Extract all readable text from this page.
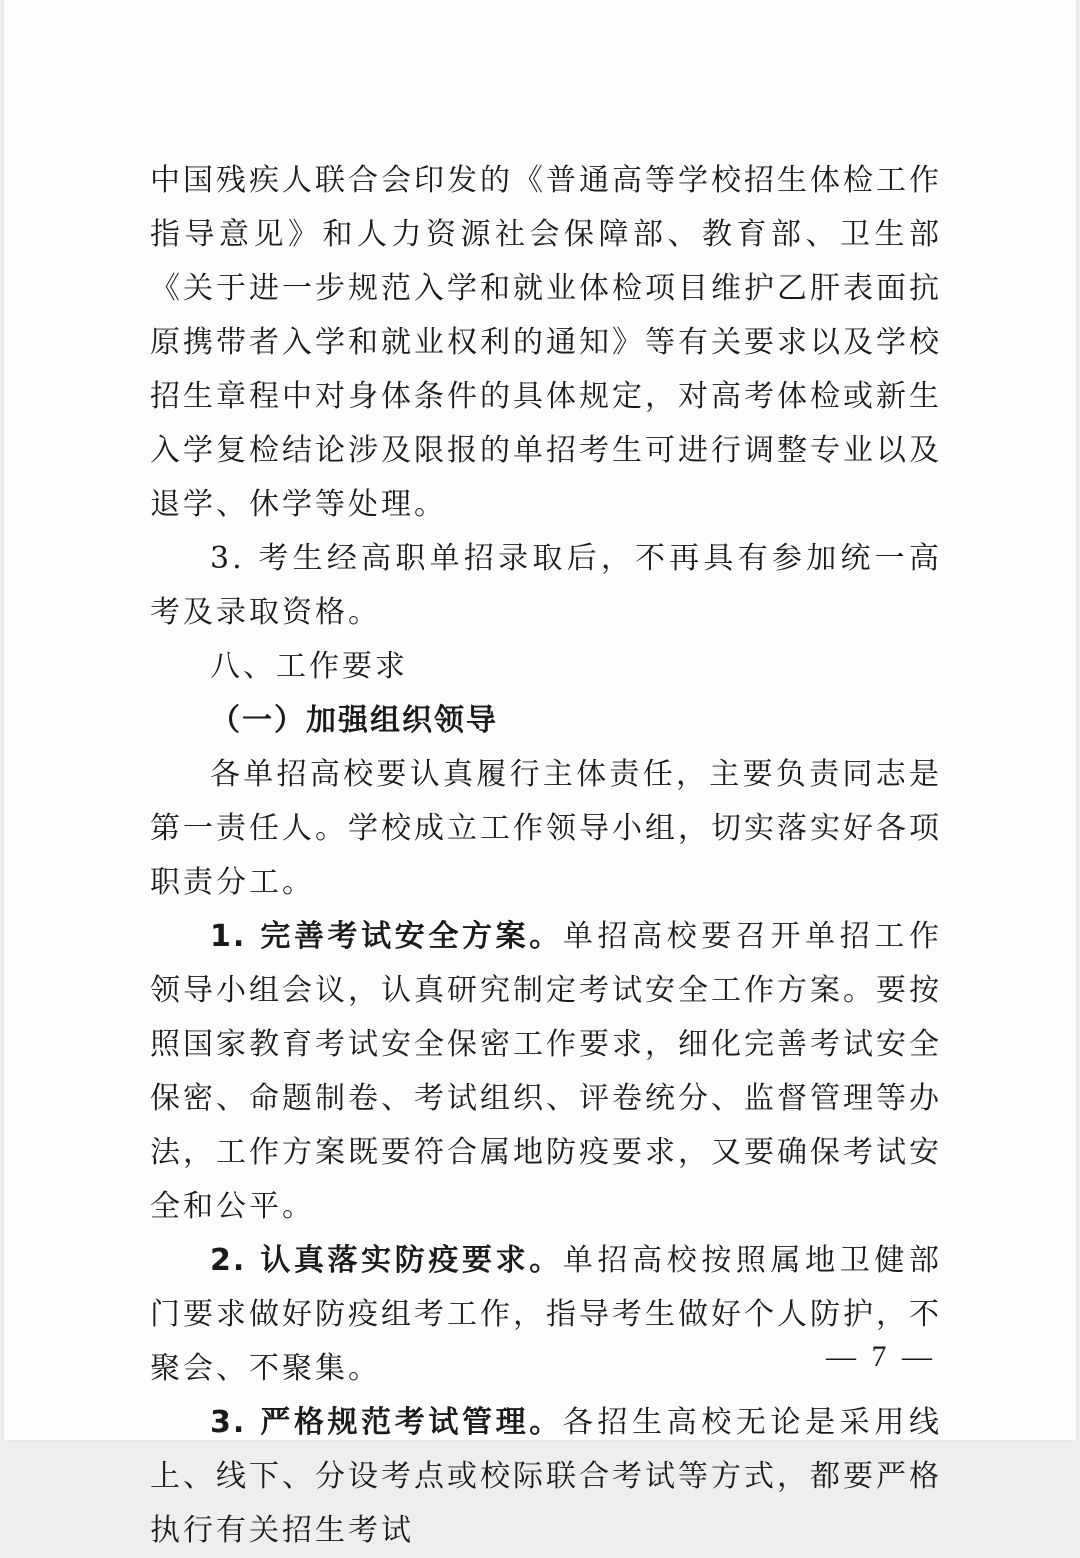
中国残疾人联合会印发的《普通高等学校招生体检工作指导意见》和人力资源社会保障部、教育部、卫生部《关于进一步规范入学和就业体检项目维护乙肝表面抗原携带者入学和就业权利的通知》等有关要求以及学校招生章程中对身体条件的具体规定，对高考体检或新生入学复检结论涉及限报的单招考生可进行调整专业以及退学、休学等处理。

3. 考生经高职单招录取后，不再具有参加统一高考及录取资格。

八、工作要求

（一）加强组织领导

各单招高校要认真履行主体责任，主要负责同志是第一责任人。学校成立工作领导小组，切实落实好各项职责分工。

1. 完善考试安全方案。单招高校要召开单招工作领导小组会议，认真研究制定考试安全工作方案。要按照国家教育考试安全保密工作要求，细化完善考试安全保密、命题制卷、考试组织、评卷统分、监督管理等办法，工作方案既要符合属地防疫要求，又要确保考试安全和公平。

2. 认真落实防疫要求。单招高校按照属地卫健部门要求做好防疫组考工作，指导考生做好个人防护，不聚会、不聚集。

3. 严格规范考试管理。各招生高校无论是采用线上、线下、分设考点或校际联合考试等方式，都要严格执行有关招生考试

— 7 —
